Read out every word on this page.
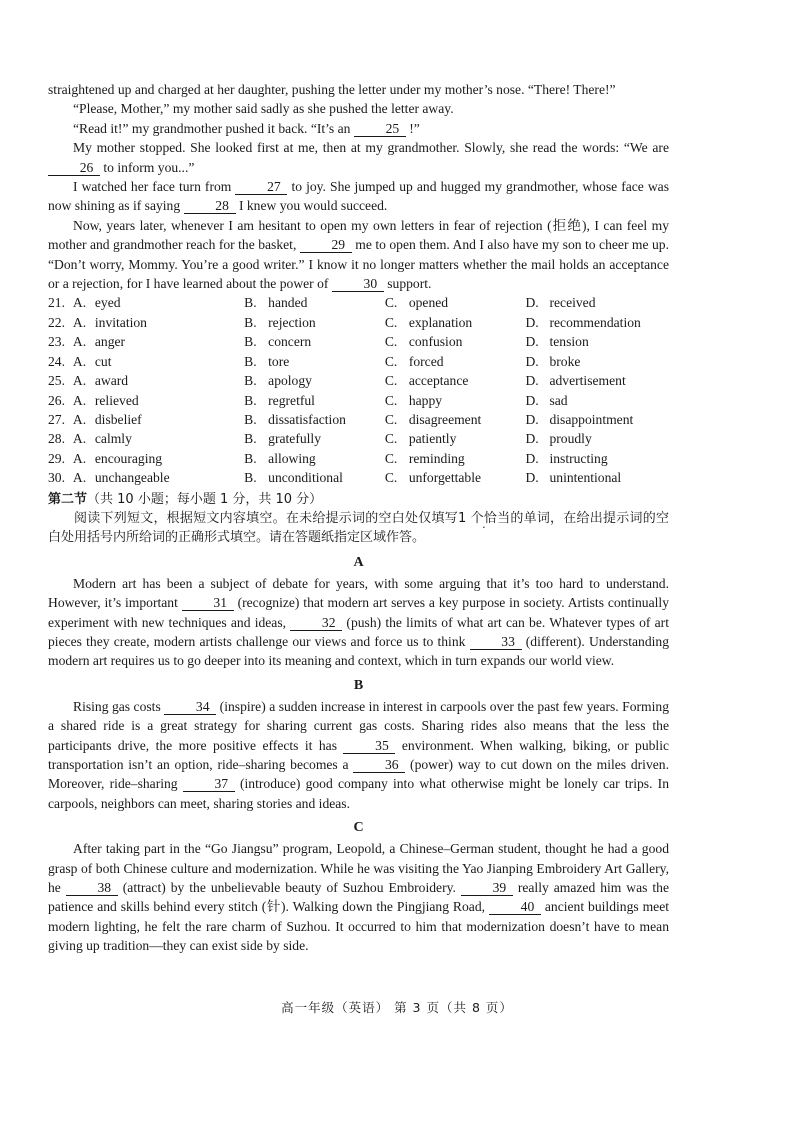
straightened up and charged at her daughter, pushing the letter under my mother’s nose. “There! There!”

“Please, Mother,” my mother said sadly as she pushed the letter away.

“Read it!” my grandmother pushed it back. “It’s an 25 !”

My mother stopped. She looked first at me, then at my grandmother. Slowly, she read the words: “We are 26 to inform you...”

I watched her face turn from 27 to joy. She jumped up and hugged my grandmother, whose face was now shining as if saying 28 I knew you would succeed.

Now, years later, whenever I am hesitant to open my own letters in fear of rejection (拒绝), I can feel my mother and grandmother reach for the basket, 29 me to open them. And I also have my son to cheer me up. “Don’t worry, Mommy. You’re a good writer.” I know it no longer matters whether the mail holds an acceptance or a rejection, for I have learned about the power of 30 support.

21. A. eyed	B. handed	C. opened	D. received
22. A. invitation	B. rejection	C. explanation	D. recommendation
23. A. anger	B. concern	C. confusion	D. tension
24. A. cut	B. tore	C. forced	D. broke
25. A. award	B. apology	C. acceptance	D. advertisement
26. A. relieved	B. regretful	C. happy	D. sad
27. A. disbelief	B. dissatisfaction	C. disagreement	D. disappointment
28. A. calmly	B. gratefully	C. patiently	D. proudly
29. A. encouraging	B. allowing	C. reminding	D. instructing
30. A. unchangeable	B. unconditional	C. unforgettable	D. unintentional
第二节（共 10 小题；每小题 1 分，共 10 分）

阅读下列短文，根据短文内容填空。在未给提示词的空白处仅填写1 个 .恰当的单词，在给出提示词的空白处用括号内所给词的正确形式填空。请在答题纸指定区域作答。

A

Modern art has been a subject of debate for years, with some arguing that it’s too hard to understand. However, it’s important 31 (recognize) that modern art serves a key purpose in society. Artists continually experiment with new techniques and ideas, 32 (push) the limits of what art can be. Whatever types of art pieces they create, modern artists challenge our views and force us to think 33 (different). Understanding modern art requires us to go deeper into its meaning and context, which in turn expands our world view.

B

Rising gas costs 34 (inspire) a sudden increase in interest in carpools over the past few years. Forming a shared ride is a great strategy for sharing current gas costs. Sharing rides also means that the less the participants drive, the more positive effects it has 35 environment. When walking, biking, or public transportation isn’t an option, ride–sharing becomes a 36 (power) way to cut down on the miles driven. Moreover, ride–sharing 37 (introduce) good company into what otherwise might be lonely car trips. In carpools, neighbors can meet, sharing stories and ideas.

C

After taking part in the “Go Jiangsu” program, Leopold, a Chinese–German student, thought he had a good grasp of both Chinese culture and modernization. While he was visiting the Yao Jianping Embroidery Art Gallery, he 38 (attract) by the unbelievable beauty of Suzhou Embroidery. 39 really amazed him was the patience and skills behind every stitch (针). Walking down the Pingjiang Road, 40 ancient buildings meet modern lighting, he felt the rare charm of Suzhou. It occurred to him that modernization doesn’t have to mean giving up tradition—they can exist side by side.

高一年级（英语） 第 3 页（共 8 页）
